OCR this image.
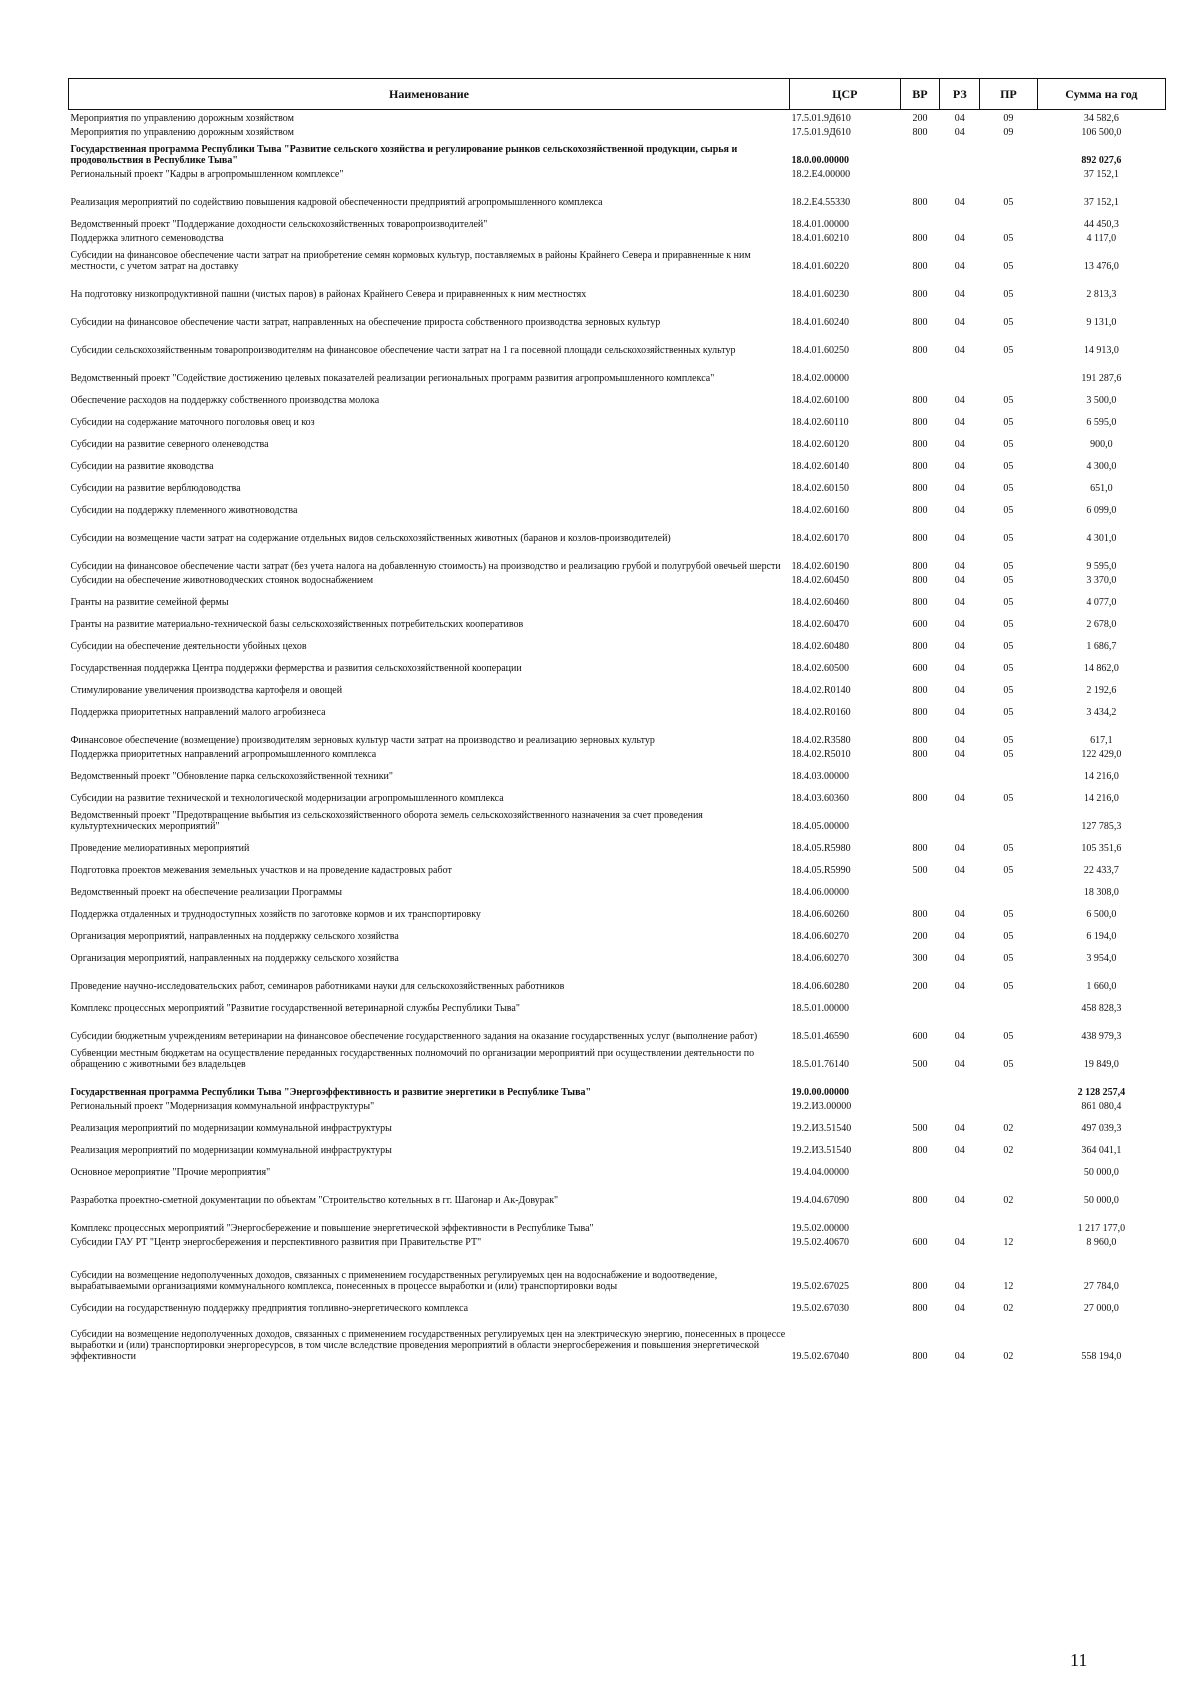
Наименование	ЦСР	ВР	РЗ	ПР	Сумма на год
Мероприятия по управлению дорожным хозяйством	17.5.01.9Д610	200	04	09	34 582,6
Мероприятия по управлению дорожным хозяйством	17.5.01.9Д610	800	04	09	106 500,0
Государственная программа Республики Тыва "Развитие сельского хозяйства и регулирование рынков сельскохозяйственной продукции, сырья и продовольствия в Республике Тыва"	18.0.00.00000				892 027,6
Региональный проект "Кадры в агропромышленном комплексе"	18.2.E4.00000				37 152,1
Реализация мероприятий по содействию повышения кадровой обеспеченности предприятий агропромышленного комплекса	18.2.E4.55330	800	04	05	37 152,1
Ведомственный проект "Поддержание доходности сельскохозяйственных товаропроизводителей"	18.4.01.00000				44 450,3
Поддержка элитного семеноводства	18.4.01.60210	800	04	05	4 117,0
Субсидии на финансовое обеспечение части затрат на приобретение семян кормовых культур, поставляемых в районы Крайнего Севера и приравненные к ним местности, с учетом затрат на доставку	18.4.01.60220	800	04	05	13 476,0
На подготовку низкопродуктивной пашни (чистых паров) в районах Крайнего Севера и приравненных к ним местностях	18.4.01.60230	800	04	05	2 813,3
Субсидии на финансовое обеспечение части затрат, направленных на обеспечение прироста собственного производства зерновых культур	18.4.01.60240	800	04	05	9 131,0
Субсидии сельскохозяйственным товаропроизводителям на финансовое обеспечение части затрат на 1 га посевной площади сельскохозяйственных культур	18.4.01.60250	800	04	05	14 913,0
Ведомственный проект "Содействие достижению целевых показателей реализации региональных программ развития агропромышленного комплекса"	18.4.02.00000				191 287,6
Обеспечение расходов на поддержку собственного производства молока	18.4.02.60100	800	04	05	3 500,0
Субсидии на содержание маточного поголовья овец и коз	18.4.02.60110	800	04	05	6 595,0
Субсидии на развитие северного оленеводства	18.4.02.60120	800	04	05	900,0
Субсидии на развитие яководства	18.4.02.60140	800	04	05	4 300,0
Субсидии на развитие верблюдоводства	18.4.02.60150	800	04	05	651,0
Субсидии на поддержку племенного животноводства	18.4.02.60160	800	04	05	6 099,0
Субсидии на возмещение части затрат на содержание отдельных видов сельскохозяйственных животных (баранов и козлов-производителей)	18.4.02.60170	800	04	05	4 301,0
Субсидии на финансовое обеспечение части затрат (без учета налога на добавленную стоимость) на производство и реализацию грубой и полугрубой овечьей шерсти	18.4.02.60190	800	04	05	9 595,0
Субсидии на обеспечение животноводческих стоянок водоснабжением	18.4.02.60450	800	04	05	3 370,0
Гранты на развитие семейной фермы	18.4.02.60460	800	04	05	4 077,0
Гранты на развитие материально-технической базы сельскохозяйственных потребительских кооперативов	18.4.02.60470	600	04	05	2 678,0
Субсидии на обеспечение деятельности убойных цехов	18.4.02.60480	800	04	05	1 686,7
Государственная поддержка Центра поддержки фермерства и развития сельскохозяйственной кооперации	18.4.02.60500	600	04	05	14 862,0
Стимулирование увеличения производства картофеля и овощей	18.4.02.R0140	800	04	05	2 192,6
Поддержка приоритетных направлений малого агробизнеса	18.4.02.R0160	800	04	05	3 434,2
Финансовое обеспечение (возмещение) производителям зерновых культур части затрат на производство и реализацию зерновых культур	18.4.02.R3580	800	04	05	617,1
Поддержка приоритетных направлений агропромышленного комплекса	18.4.02.R5010	800	04	05	122 429,0
Ведомственный проект "Обновление парка сельскохозяйственной техники"	18.4.03.00000				14 216,0
Субсидии на развитие технической и технологической модернизации агропромышленного комплекса	18.4.03.60360	800	04	05	14 216,0
Ведомственный проект "Предотвращение выбытия из сельскохозяйственного оборота земель сельскохозяйственного назначения за счет проведения культуртехнических мероприятий"	18.4.05.00000				127 785,3
Проведение мелиоративных мероприятий	18.4.05.R5980	800	04	05	105 351,6
Подготовка проектов межевания земельных участков и на проведение кадастровых работ	18.4.05.R5990	500	04	05	22 433,7
Ведомственный проект на обеспечение реализации Программы	18.4.06.00000				18 308,0
Поддержка отдаленных и труднодоступных хозяйств по заготовке кормов и их транспортировку	18.4.06.60260	800	04	05	6 500,0
Организация мероприятий, направленных на поддержку сельского хозяйства	18.4.06.60270	200	04	05	6 194,0
Организация мероприятий, направленных на поддержку сельского хозяйства	18.4.06.60270	300	04	05	3 954,0
Проведение научно-исследовательских работ, семинаров работниками науки для сельскохозяйственных работников	18.4.06.60280	200	04	05	1 660,0
Комплекс процессных мероприятий "Развитие государственной ветеринарной службы Республики Тыва"	18.5.01.00000				458 828,3
Субсидии бюджетным учреждениям ветеринарии на финансовое обеспечение государственного задания на оказание государственных услуг (выполнение работ)	18.5.01.46590	600	04	05	438 979,3
Субвенции местным бюджетам на осуществление переданных государственных полномочий по организации мероприятий при осуществлении деятельности по обращению с животными без владельцев	18.5.01.76140	500	04	05	19 849,0
Государственная программа Республики Тыва "Энергоэффективность и развитие энергетики в Республике Тыва"	19.0.00.00000				2 128 257,4
Региональный проект "Модернизация коммунальной инфраструктуры"	19.2.И3.00000				861 080,4
Реализация мероприятий по модернизации коммунальной инфраструктуры	19.2.И3.51540	500	04	02	497 039,3
Реализация мероприятий по модернизации коммунальной инфраструктуры	19.2.И3.51540	800	04	02	364 041,1
Основное мероприятие "Прочие мероприятия"	19.4.04.00000				50 000,0
Разработка проектно-сметной документации по объектам "Строительство котельных в гг. Шагонар и Ак-Довурак"	19.4.04.67090	800	04	02	50 000,0
Комплекс процессных мероприятий "Энергосбережение и повышение энергетической эффективности в Республике Тыва"	19.5.02.00000				1 217 177,0
Субсидии ГАУ РТ "Центр энергосбережения и перспективного развития при Правительстве РТ"	19.5.02.40670	600	04	12	8 960,0
Субсидии на возмещение недополученных доходов, связанных с применением государственных регулируемых цен на водоснабжение и водоотведение, вырабатываемыми организациями коммунального комплекса, понесенных в процессе выработки и (или) транспортировки воды	19.5.02.67025	800	04	12	27 784,0
Субсидии на государственную поддержку предприятия топливно-энергетического комплекса	19.5.02.67030	800	04	02	27 000,0
Субсидии на возмещение недополученных доходов, связанных с применением государственных регулируемых цен на электрическую энергию, понесенных в процессе выработки и (или) транспортировки энергоресурсов, в том числе вследствие проведения мероприятий в области энергосбережения и повышения энергетической эффективности	19.5.02.67040	800	04	02	558 194,0
11
